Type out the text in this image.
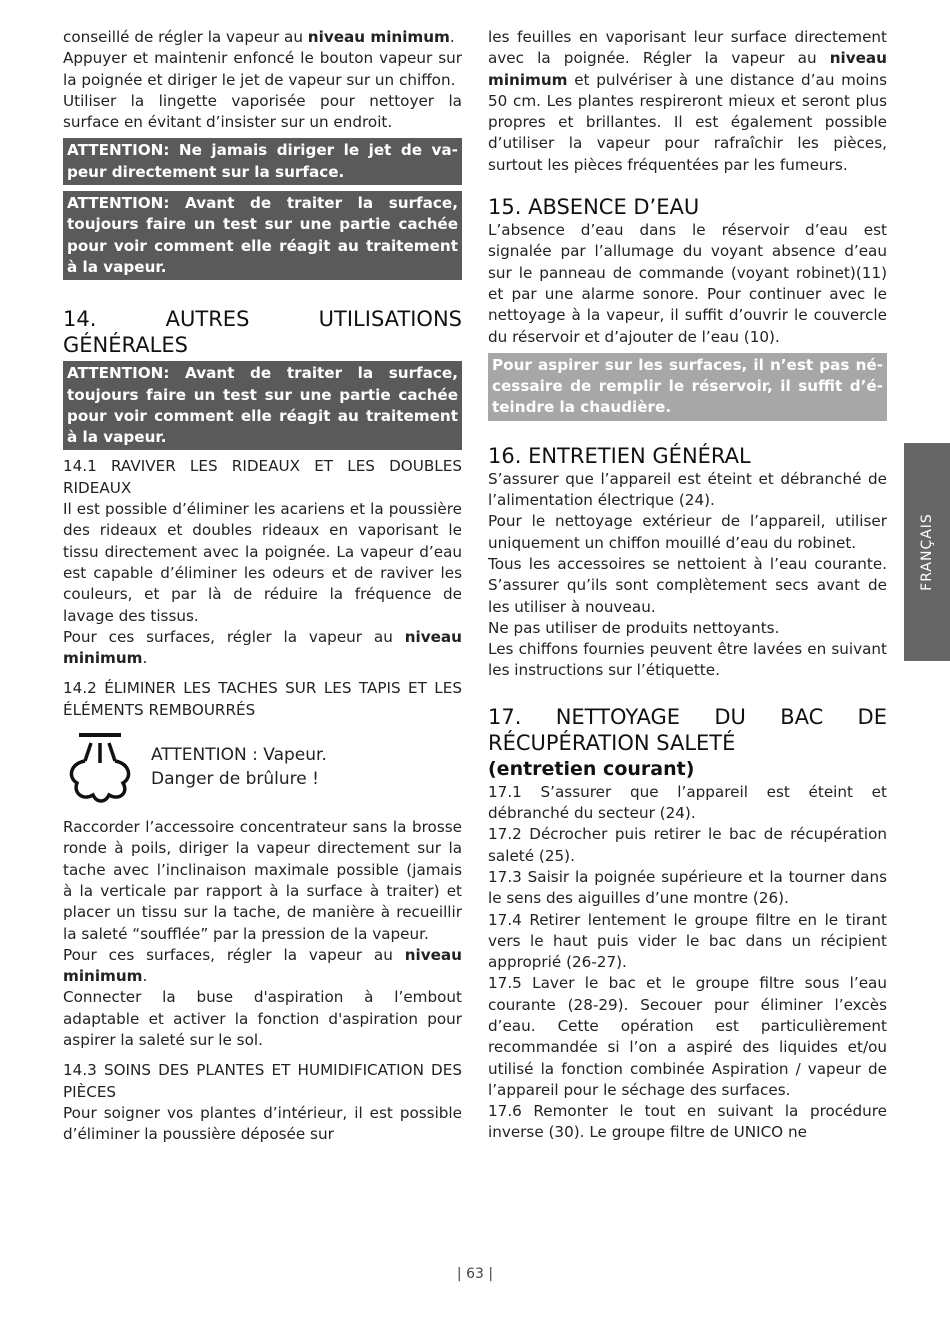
conseillé de régler la vapeur au niveau minimum.

Appuyer et maintenir enfoncé le bouton vapeur sur la poignée et diriger le jet de vapeur sur un chiffon.

Utiliser la lingette vaporisée pour nettoyer la surface en évitant d’insister sur un endroit.

ATTENTION: Ne jamais diriger le jet de va-peur directement sur la surface.
ATTENTION: Avant de traiter la surface, toujours faire un test sur une partie cachée pour voir comment elle réagit au traitement à la vapeur.
14. AUTRES UTILISATIONS GÉNÉRALES
ATTENTION: Avant de traiter la surface, toujours faire un test sur une partie cachée pour voir comment elle réagit au traitement à la vapeur.

14.1 RAVIVER LES RIDEAUX ET LES DOUBLES RIDEAUX

Il est possible d’éliminer les acariens et la poussière des rideaux et doubles rideaux en vaporisant le tissu directement avec la poignée. La vapeur d’eau est capable d’éliminer les odeurs et de raviver les couleurs, et par là de réduire la fréquence de lavage des tissus.

Pour ces surfaces, régler la vapeur au niveau minimum.

14.2 ÉLIMINER LES TACHES SUR LES TAPIS ET LES ÉLÉMENTS REMBOURRÉS

ATTENTION : Vapeur.
Danger de brûlure !

Raccorder l’accessoire concentrateur sans la brosse ronde à poils, diriger la vapeur directement sur la tache avec l’inclinaison maximale possible (jamais à la verticale par rapport à la surface à traiter) et placer un tissu sur la tache, de manière à recueillir la saleté “soufflée” par la pression de la vapeur.

Pour ces surfaces, régler la vapeur au niveau minimum.

Connecter la buse d'aspiration à l’embout adaptable et activer la fonction d'aspiration pour aspirer la saleté sur le sol.

14.3 SOINS DES PLANTES ET HUMIDIFICATION DES PIÈCES

Pour soigner vos plantes d’intérieur, il est possible d’éliminer la poussière déposée sur

les feuilles en vaporisant leur surface directement avec la poignée. Régler la vapeur au niveau minimum et pulvériser à une distance d’au moins 50 cm. Les plantes respireront mieux et seront plus propres et brillantes. Il est également possible d’utiliser la vapeur pour rafraîchir les pièces, surtout les pièces fréquentées par les fumeurs.

15. ABSENCE D’EAU

L’absence d’eau dans le réservoir d’eau est signalée par l’allumage du voyant absence d’eau sur le panneau de commande (voyant robinet)(11) et par une alarme sonore. Pour continuer avec le nettoyage à la vapeur, il suffit d’ouvrir le couvercle du réservoir et d’ajouter de l’eau (10).

Pour aspirer sur les surfaces, il n’est pas né-cessaire de remplir le réservoir, il suffit d’é-teindre la chaudière.
16. ENTRETIEN GÉNÉRAL

S’assurer que l’appareil est éteint et débranché de l’alimentation électrique (24).

Pour le nettoyage extérieur de l’appareil, utiliser uniquement un chiffon mouillé d’eau du robinet.

Tous les accessoires se nettoient à l’eau courante. S’assurer qu’ils sont complètement secs avant de les utiliser à nouveau.

Ne pas utiliser de produits nettoyants.

Les chiffons fournies peuvent être lavées en suivant les instructions sur l’étiquette.

17. NETTOYAGE DU BAC DE RÉCUPÉRATION SALETÉ
(entretien courant)

17.1 S’assurer que l’appareil est éteint et débranché du secteur (24).

17.2 Décrocher puis retirer le bac de récupération saleté (25).

17.3 Saisir la poignée supérieure et la tourner dans le sens des aiguilles d’une montre (26).

17.4 Retirer lentement le groupe filtre en le tirant vers le haut puis vider le bac dans un récipient approprié (26-27).

17.5 Laver le bac et le groupe filtre sous l’eau courante (28-29). Secouer pour éliminer l’excès d’eau. Cette opération est particulièrement recommandée si l’on a aspiré des liquides et/ou utilisé la fonction combinée Aspiration / vapeur de l’appareil pour le séchage des surfaces.

17.6 Remonter le tout en suivant la procédure inverse (30). Le groupe filtre de UNICO ne

FRANÇAIS
| 63 |
